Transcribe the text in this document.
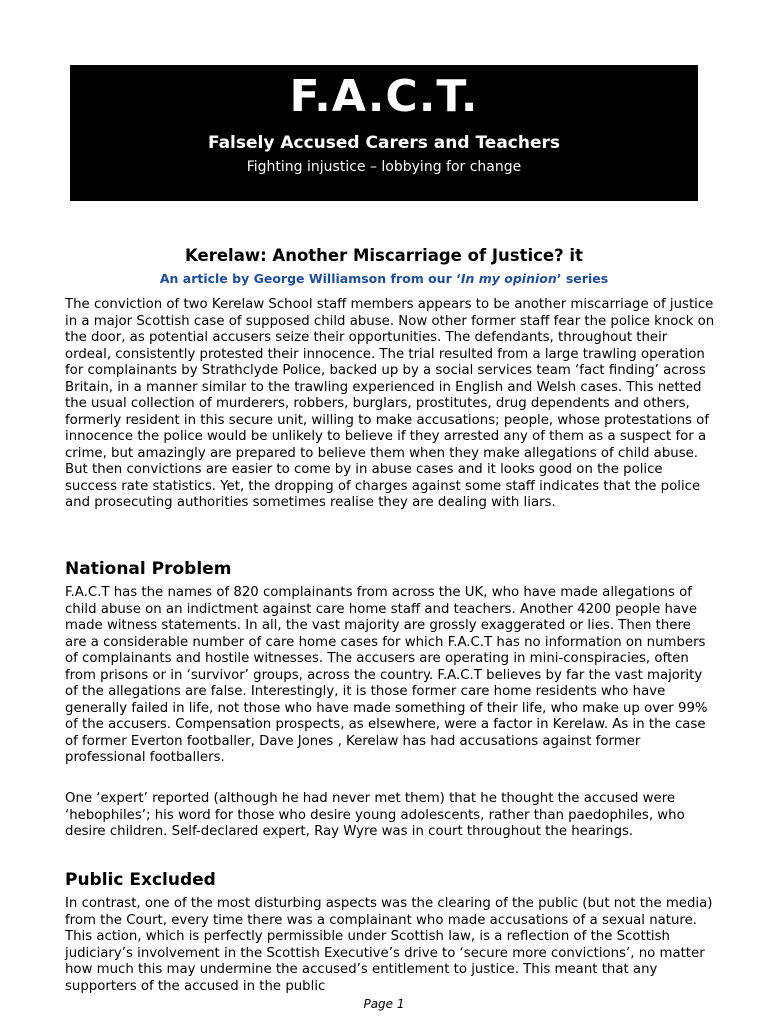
F.A.C.T.
Falsely Accused Carers and Teachers
Fighting injustice – lobbying for change
Kerelaw: Another Miscarriage of Justice? it
An article by George Williamson from our ‘In my opinion’ series

The conviction of two Kerelaw School staff members appears to be another miscarriage of justice in a major Scottish case of supposed child abuse. Now other former staff fear the police knock on the door, as potential accusers seize their opportunities. The defendants, throughout their ordeal, consistently protested their innocence. The trial resulted from a large trawling operation for complainants by Strathclyde Police, backed up by a social services team ‘fact finding’ across Britain, in a manner similar to the trawling experienced in English and Welsh cases. This netted the usual collection of murderers, robbers, burglars, prostitutes, drug dependents and others, formerly resident in this secure unit, willing to make accusations; people, whose protestations of innocence the police would be unlikely to believe if they arrested any of them as a suspect for a crime, but amazingly are prepared to believe them when they make allegations of child abuse. But then convictions are easier to come by in abuse cases and it looks good on the police success rate statistics. Yet, the dropping of charges against some staff indicates that the police and prosecuting authorities sometimes realise they are dealing with liars.

National Problem

F.A.C.T has the names of 820 complainants from across the UK, who have made allegations of child abuse on an indictment against care home staff and teachers. Another 4200 people have made witness statements. In all, the vast majority are grossly exaggerated or lies. Then there are a considerable number of care home cases for which F.A.C.T has no information on numbers of complainants and hostile witnesses. The accusers are operating in mini-conspiracies, often from prisons or in ‘survivor’ groups, across the country. F.A.C.T believes by far the vast majority of the allegations are false. Interestingly, it is those former care home residents who have generally failed in life, not those who have made something of their life, who make up over 99% of the accusers. Compensation prospects, as elsewhere, were a factor in Kerelaw. As in the case of former Everton footballer, Dave Jones , Kerelaw has had accusations against former professional footballers.

One ‘expert’ reported (although he had never met them) that he thought the accused were ‘hebophiles’; his word for those who desire young adolescents, rather than paedophiles, who desire children. Self-declared expert, Ray Wyre was in court throughout the hearings.

Public Excluded

In contrast, one of the most disturbing aspects was the clearing of the public (but not the media) from the Court, every time there was a complainant who made accusations of a sexual nature. This action, which is perfectly permissible under Scottish law, is a reflection of the Scottish judiciary’s involvement in the Scottish Executive’s drive to ‘secure more convictions’, no matter how much this may undermine the accused’s entitlement to justice. This meant that any supporters of the accused in the public

Page 1
